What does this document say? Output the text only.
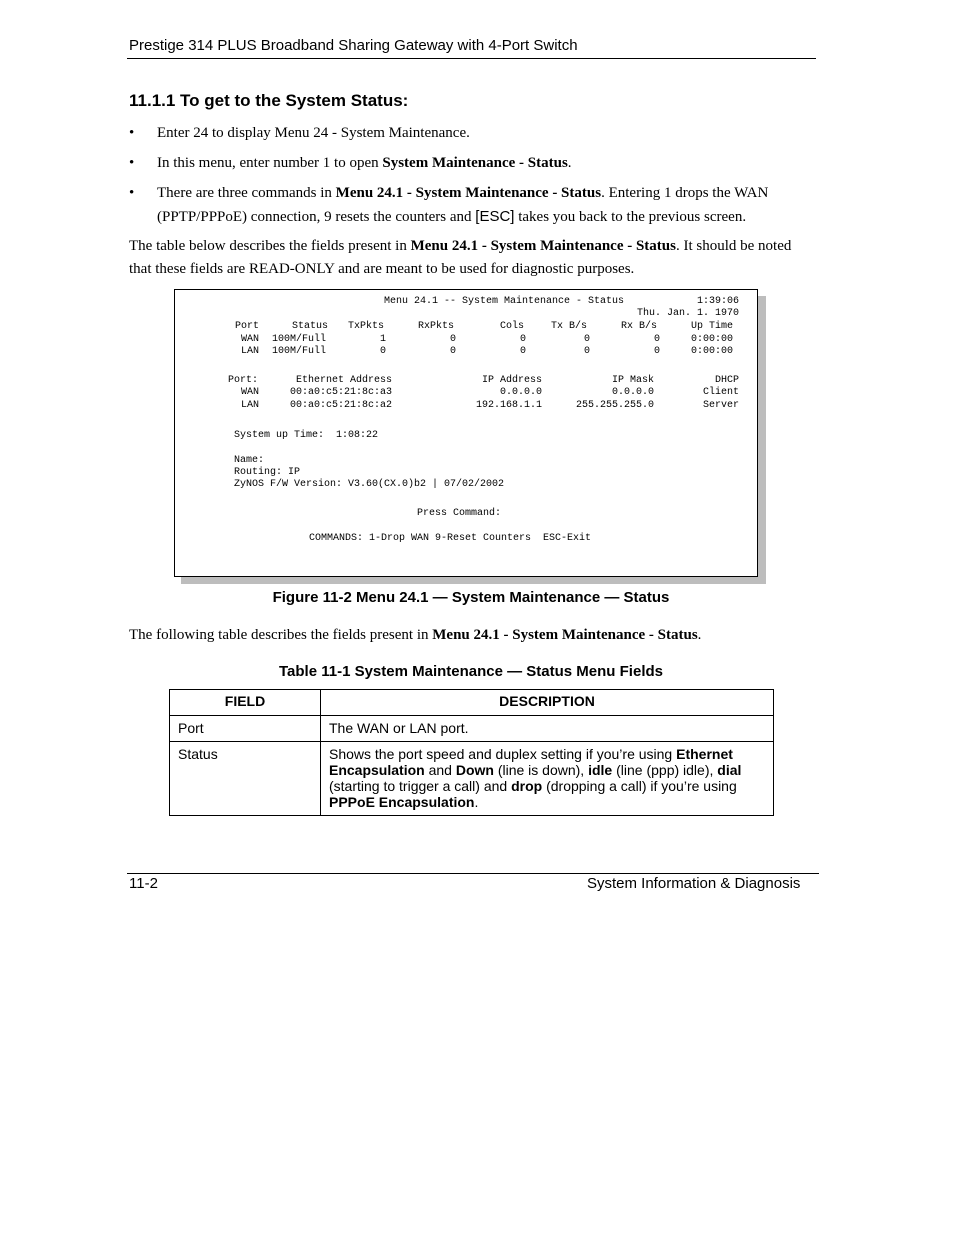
Prestige 314 PLUS Broadband Sharing Gateway with 4-Port Switch
11.1.1 To get to the System Status:
• Enter 24 to display Menu 24 - System Maintenance.
• In this menu, enter number 1 to open System Maintenance - Status.
• There are three commands in Menu 24.1 - System Maintenance - Status. Entering 1 drops the WAN (PPTP/PPPoE) connection, 9 resets the counters and [ESC] takes you back to the previous screen.
The table below describes the fields present in Menu 24.1 - System Maintenance - Status. It should be noted that these fields are READ-ONLY and are meant to be used for diagnostic purposes.
Menu 24.1 -- System Maintenance - Status	1:39:06
Thu. Jan. 1. 1970
Port	Status TxPkts	RxPkts	Cols	Tx B/s	Rx B/s	Up Time
WAN 100M/Full	1	0	0	0	0	0:00:00
LAN 100M/Full	0	0	0	0	0	0:00:00
Port:	Ethernet Address	IP Address	IP Mask	DHCP
WAN	00:a0:c5:21:8c:a3	0.0.0.0	0.0.0.0	Client
LAN	00:a0:c5:21:8c:a2	192.168.1.1	255.255.255.0	Server
System up Time:  1:08:22
Name:
Routing: IP
ZyNOS F/W Version: V3.60(CX.0)b2 | 07/02/2002
Press Command:
COMMANDS: 1-Drop WAN 9-Reset Counters  ESC-Exit
Figure 11-2 Menu 24.1 — System Maintenance — Status
The following table describes the fields present in Menu 24.1 - System Maintenance - Status.
Table 11-1 System Maintenance — Status Menu Fields
FIELD	DESCRIPTION
Port	The WAN or LAN port.
Status	Shows the port speed and duplex setting if you’re using Ethernet Encapsulation and Down (line is down), idle (line (ppp) idle), dial (starting to trigger a call) and drop (dropping a call) if you’re using PPPoE Encapsulation.
11-2	System Information & Diagnosis
